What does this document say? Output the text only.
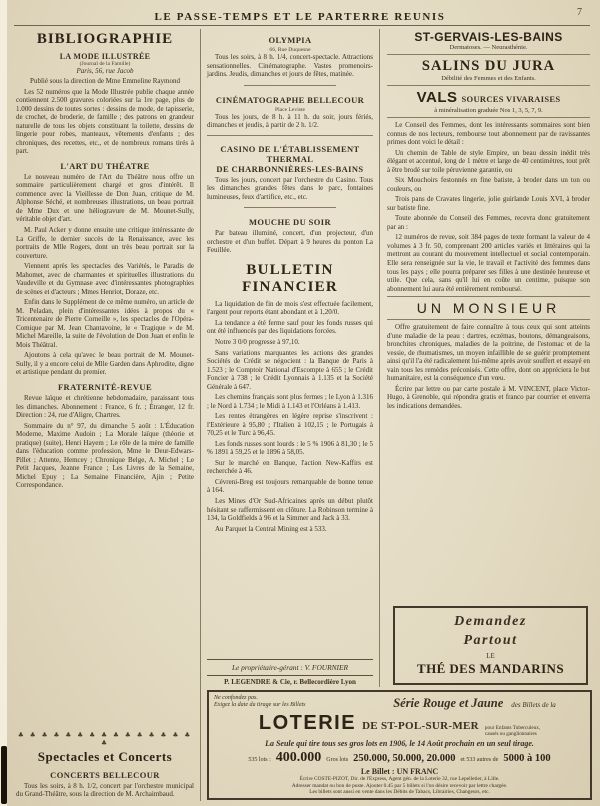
LE PASSE-TEMPS ET LE PARTERRE REUNIS	7
BIBLIOGRAPHIE
LA MODE ILLUSTRÉE
(Journal de la Famille)
Paris, 56, rue Jacob

Publié sous la direction de Mme Emmeline Raymond

Les 52 numéros que la Mode Illustrée publie chaque année contiennent 2.500 gravures coloriées sur la 1re page, plus de 1.000 dessins de toutes sortes : dessins de mode, de tapisserie, de crochet, de broderie, de famille ; des patrons en grandeur naturelle de tous les objets constituant la toilette, dessins de lingerie pour robes, manteaux, vêtements d'enfants ; des chroniques, des recettes, etc., et de nombreux romans tirés à part.

L'ART DU THÉATRE

Le nouveau numéro de l'Art du Théâtre nous offre un sommaire particulièrement chargé et gros d'intérêt. Il commence avec la Vieillesse de Don Juan, critique de M. Alphonse Séché, et nombreuses illustrations, un beau portrait de Mme Dux et une héliogravure de M. Mounet-Sully, véritable objet d'art.

M. Paul Acker y donne ensuite une critique intéressante de La Griffe, le dernier succès de la Renaissance, avec les portraits de Mlle Rogers, dont un très beau portrait sur la couverture.

Viennent après les spectacles des Variétés, le Paradis de Mahomet, avec de charmantes et spirituelles illustrations du Vaudeville et du Gymnase avec d'intéressantes photographies de scènes et d'acteurs ; Mmes Henriot, Doraze, etc.

Enfin dans le Supplément de ce même numéro, un article de M. Peladan, plein d'intéressantes idées à propos du « Tricentenaire de Pierre Corneille », les spectacles de l'Opéra-Comique par M. Jean Chantavoine, le « Tragique » de M. Michel Mareille, la suite de l'évolution de Don Juan et enfin le Mois Théâtral.

Ajoutons à cela qu'avec le beau portrait de M. Mounet-Sully, il y a encore celui de Mlle Garden dans Aphrodite, digne et artistique pendant du premier.

FRATERNITÉ-REVUE

Revue laïque et chrétienne hebdomadaire, paraissant tous les dimanches. Abonnement : France, 6 fr. ; Étranger, 12 fr. Direction : 24, rue d'Aligre, Chartres.

Sommaire du n° 97, du dimanche 5 août : L'Éducation Moderne, Maxime Audoin ; La Morale laïque (théorie et pratique) (suite), Henri Hayem ; Le rôle de la mère de famille dans l'éducation comme profession, Mme le Deur-Edwars-Pillet ; Attente, Hemcey ; Chronique Belge, A. Michel ; Le Petit Jacques, Jeanne France ; Les Livres de la Semaine, Michel Epuy ; La Semaine Financière, Ajin ; Petite Correspondance.

♣ ♣ ♣ ♣ ♣ ♣ ♣ ♣ ♣ ♣ ♣ ♣ ♣ ♣ ♣ ♣
Spectacles et Concerts
CONCERTS BELLECOUR

Tous les soirs, à 8 h. 1/2, concert par l'orchestre municipal du Grand-Théâtre, sous la direction de M. Archaimbaud.

OLYMPIA
66, Rue Duquesne

Tous les soirs, à 8 h. 1/4, concert-spectacle. Attractions sensationnelles. Cinématographe. Vastes promenoirs-jardins. Jeudis, dimanches et jours de fêtes, matinée.

CINÉMATOGRAPHE BELLECOUR
Place Leviste

Tous les jours, de 8 h. à 11 h. du soir, jours fériés, dimanches et jeudis, à partir de 2 h. 1/2.

CASINO DE L'ÉTABLISSEMENT THERMAL
DE CHARBONNIÈRES-LES-BAINS

Tous les jours, concert par l'orchestre du Casino. Tous les dimanches grandes fêtes dans le parc, fontaines lumineuses, feux d'artifice, etc., etc.

MOUCHE DU SOIR

Par bateau illuminé, concert, d'un projecteur, d'un orchestre et d'un buffet. Départ à 9 heures du ponton La Feuillée.

BULLETIN FINANCIER

La liquidation de fin de mois s'est effectuée facilement, l'argent pour reports étant abondant et à 1,20/0.

La tendance a été ferme sauf pour les fonds russes qui ont été influencés par des liquidations forcées.

Notre 3 0/0 progresse à 97,10.

Sans variations marquantes les actions des grandes Sociétés de Crédit se négocient : la Banque de Paris à 1.523 ; le Comptoir National d'Escompte à 655 ; le Crédit Foncier à 738 ; le Crédit Lyonnais à 1.135 et la Société Générale à 647.

Les chemins français sont plus fermes ; le Lyon à 1.316 ; le Nord à 1.734 ; le Midi à 1.143 et l'Orléans à 1.413.

Les rentes étrangères en légère reprise s'inscrivent : l'Extérieure à 95,80 ; l'Italien à 102,15 ; le Portugais à 70,25 et le Turc à 96,45.

Les fonds russes sont lourds : le 5 % 1906 à 81,30 ; le 5 % 1891 à 59,25 et le 1896 à 58,05.

Sur le marché en Banque, l'action New-Kaffirs est recherchée à 46.

Cévreni-Breg est toujours remarquable de bonne tenue à 164.

Les Mines d'Or Sud-Africaines après un début plutôt hésitant se raffermissent en clôture. La Robinson termine à 134, la Goldfields à 96 et la Simmer and Jack à 33.

Au Parquet la Central Mining est à 533.

Le propriétaire-gérant : V. FOURNIER
P. LEGENDRE & Cie, r. Bellecordière Lyon
ST-GERVAIS-LES-BAINS
Dermatoses. — Neurasthénie.
SALINS DU JURA
Débilité des Femmes et des Enfants.
VALS SOURCES VIVARAISES
à minéralisation graduée Nos 1, 3, 5, 7, 9.

Le Conseil des Femmes, dont les intéressants sommaires sont bien connus de nos lecteurs, rembourse tout abonnement par de ravissantes primes dont voici le détail :

Un chemin de Table de style Empire, un beau dessin inédit très élégant et accentué, long de 1 mètre et large de 40 centimètres, tout prêt à être brodé sur toile péruvienne garantie, ou

Six Mouchoirs festonnés en fine batiste, à broder dans un ton ou couleurs, ou

Trois pans de Cravates lingerie, jolie guirlande Louis XVI, à broder sur batiste fine.

Toute abonnée du Conseil des Femmes, recevra donc gratuitement par an :

12 numéros de revue, soit 384 pages de texte formant la valeur de 4 volumes à 3 fr. 50, comprenant 200 articles variés et littéraires qui la mettront au courant du mouvement intellectuel et social contemporain. Elle sera renseignée sur la vie, le travail et l'activité des femmes dans tous les pays ; elle pourra préparer ses filles à une destinée heureuse et utile. Que cela, sans qu'il lui en coûte un centime, puisque son abonnement lui aura été entièrement remboursé.

UN MONSIEUR

Offre gratuitement de faire connaître à tous ceux qui sont atteints d'une maladie de la peau : dartres, eczémas, boutons, démangeaisons, bronchites chroniques, maladies de la poitrine, de l'estomac et de la vessie, de rhumatismes, un moyen infaillible de se guérir promptement ainsi qu'il l'a été radicalement lui-même après avoir souffert et essayé en vain tous les remèdes préconisés. Cette offre, dont on appréciera le but humanitaire, est la conséquence d'un vœu.

Écrire par lettre ou par carte postale à M. VINCENT, place Victor-Hugo, à Grenoble, qui répondra gratis et franco par courrier et enverra les indications demandées.

Demandez
Partout
LE
THÉ DES MANDARINS
Ne confondez pas.
Exigez la date du tirage sur les Billets	Série Rouge et Jaune des Billets de la
LOTERIE DE ST-POL-SUR-MER pour Enfants Tuberculeux,
causés ou ganglionnaires
La Seule qui tire tous ses gros lots en 1906, le 14 Août prochain en un seul tirage.
535 lots : 400.000 Gros lots 250.000, 50.000, 20.000 et 533 autres de 5000 à 100
Le Billet : UN FRANC
Écrire COSTE-PIZOT, Dir. de l'Express, Agent gén. de la Loterie 32, rue Lepelletier, à Lille.
Adresser mandat ou bon de poste. Ajouter 0.45 par 5 billets si l'on désire recevoir par lettre chargée.
Les billets sont aussi en vente dans les Débits de Tabacs, Librairies, Changeurs, etc.
